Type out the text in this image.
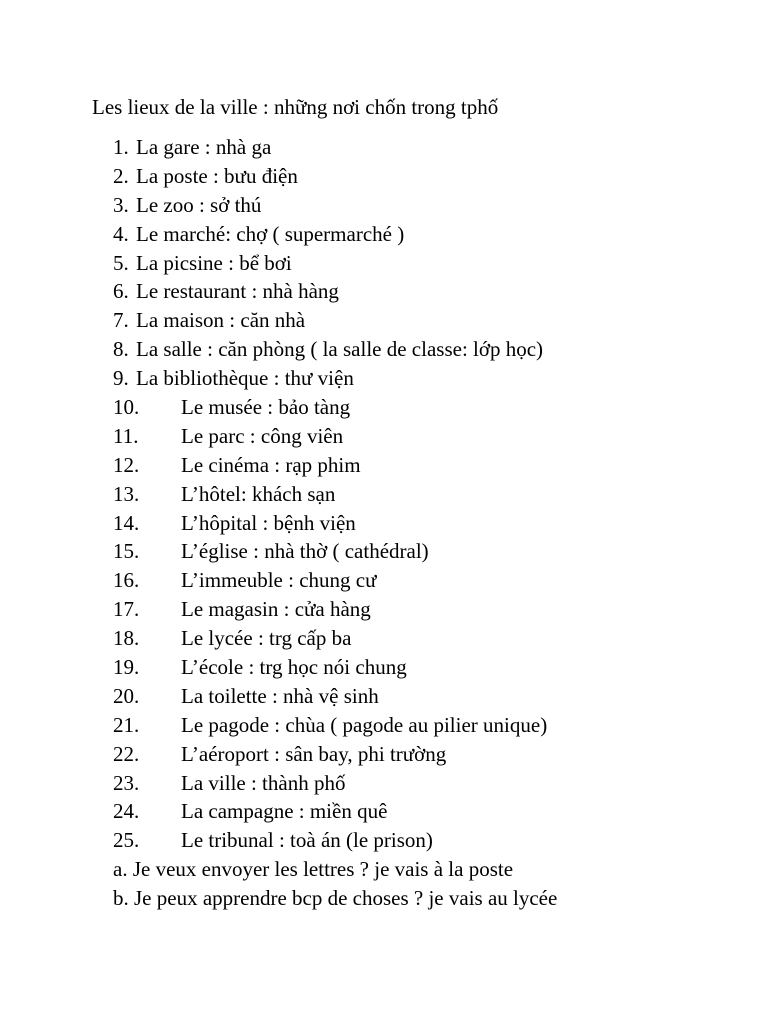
Les lieux de la ville : những nơi chốn trong tphố
1. La gare : nhà ga
2. La poste : bưu điện
3. Le zoo : sở thú
4. Le marché: chợ ( supermarché )
5. La picsine : bể bơi
6. Le restaurant : nhà hàng
7. La maison : căn nhà
8. La salle : căn phòng ( la salle de classe: lớp học)
9. La bibliothèque : thư viện
10. Le musée : bảo tàng
11. Le parc : công viên
12. Le cinéma : rạp phim
13. L’hôtel: khách sạn
14. L’hôpital : bệnh viện
15. L’église : nhà thờ ( cathédral)
16. L’immeuble : chung cư
17. Le magasin : cửa hàng
18. Le lycée : trg cấp ba
19. L’école : trg học nói chung
20. La toilette : nhà vệ sinh
21. Le pagode : chùa ( pagode au pilier unique)
22. L’aéroport : sân bay, phi trường
23. La ville : thành phố
24. La campagne : miền quê
25. Le tribunal : toà án (le prison)
a. Je veux envoyer les lettres ? je vais à la poste
b. Je peux apprendre bcp de choses ? je vais au lycée
